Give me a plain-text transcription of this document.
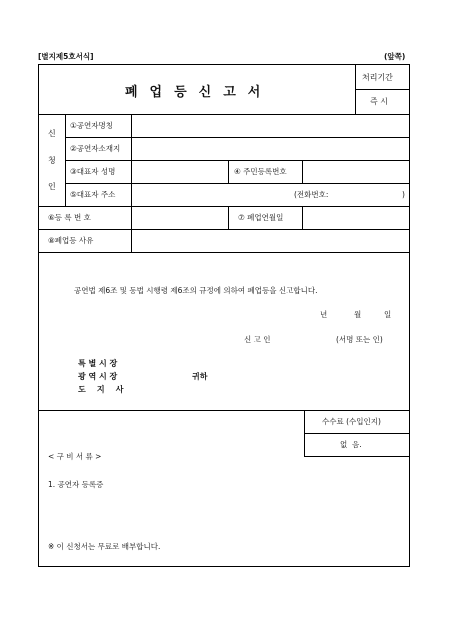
[별지제5호서식]	(앞쪽)
폐업등신고서
처리기간
즉 시
신
청
인
①공연자명칭
②공연자소재지
③대표자 성명	④ 주민등록번호
⑤대표자 주소	(전화번호:	)
⑥등 록 번 호	⑦ 폐업연월일
⑧폐업등 사유
공연법 제6조 및 동법 시행령 제6조의 규정에 의하여 폐업등을 신고합니다.
년	월	일
신 고 인	(서명 또는 인)
특 별 시 장
광 역 시 장
도    지    사
귀하
수수료 (수입인지)
없  음.
< 구 비 서 류 >
1. 공연자 등록증
※ 이 신청서는 무료로 배부합니다.
